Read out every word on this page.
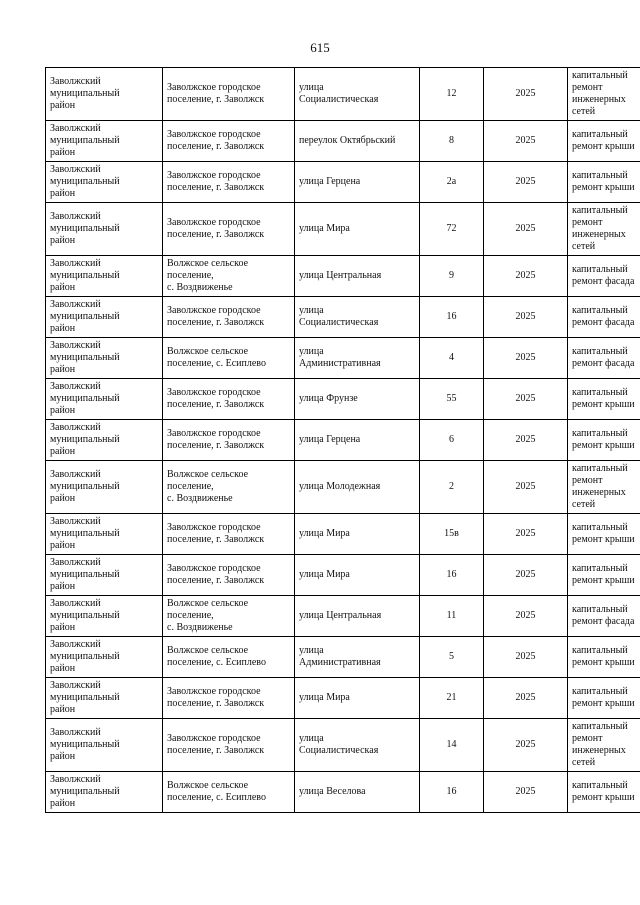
615
Заволжский
муниципальный
район	Заволжское городское
поселение, г. Заволжск	улица
Социалистическая	12	2025	капитальный
ремонт
инженерных
сетей
Заволжский
муниципальный
район	Заволжское городское
поселение, г. Заволжск	переулок Октябрьский	8	2025	капитальный
ремонт крыши
Заволжский
муниципальный
район	Заволжское городское
поселение, г. Заволжск	улица Герцена	2а	2025	капитальный
ремонт крыши
Заволжский
муниципальный
район	Заволжское городское
поселение, г. Заволжск	улица Мира	72	2025	капитальный
ремонт
инженерных
сетей
Заволжский
муниципальный
район	Волжское сельское
поселение,
с. Воздвиженье	улица Центральная	9	2025	капитальный
ремонт фасада
Заволжский
муниципальный
район	Заволжское городское
поселение, г. Заволжск	улица
Социалистическая	16	2025	капитальный
ремонт фасада
Заволжский
муниципальный
район	Волжское сельское
поселение, с. Есиплево	улица
Административная	4	2025	капитальный
ремонт фасада
Заволжский
муниципальный
район	Заволжское городское
поселение, г. Заволжск	улица Фрунзе	55	2025	капитальный
ремонт крыши
Заволжский
муниципальный
район	Заволжское городское
поселение, г. Заволжск	улица Герцена	6	2025	капитальный
ремонт крыши
Заволжский
муниципальный
район	Волжское сельское
поселение,
с. Воздвиженье	улица Молодежная	2	2025	капитальный
ремонт
инженерных
сетей
Заволжский
муниципальный
район	Заволжское городское
поселение, г. Заволжск	улица Мира	15в	2025	капитальный
ремонт крыши
Заволжский
муниципальный
район	Заволжское городское
поселение, г. Заволжск	улица Мира	16	2025	капитальный
ремонт крыши
Заволжский
муниципальный
район	Волжское сельское
поселение,
с. Воздвиженье	улица Центральная	11	2025	капитальный
ремонт фасада
Заволжский
муниципальный
район	Волжское сельское
поселение, с. Есиплево	улица
Административная	5	2025	капитальный
ремонт крыши
Заволжский
муниципальный
район	Заволжское городское
поселение, г. Заволжск	улица Мира	21	2025	капитальный
ремонт крыши
Заволжский
муниципальный
район	Заволжское городское
поселение, г. Заволжск	улица
Социалистическая	14	2025	капитальный
ремонт
инженерных
сетей
Заволжский
муниципальный
район	Волжское сельское
поселение, с. Есиплево	улица Веселова	16	2025	капитальный
ремонт крыши
